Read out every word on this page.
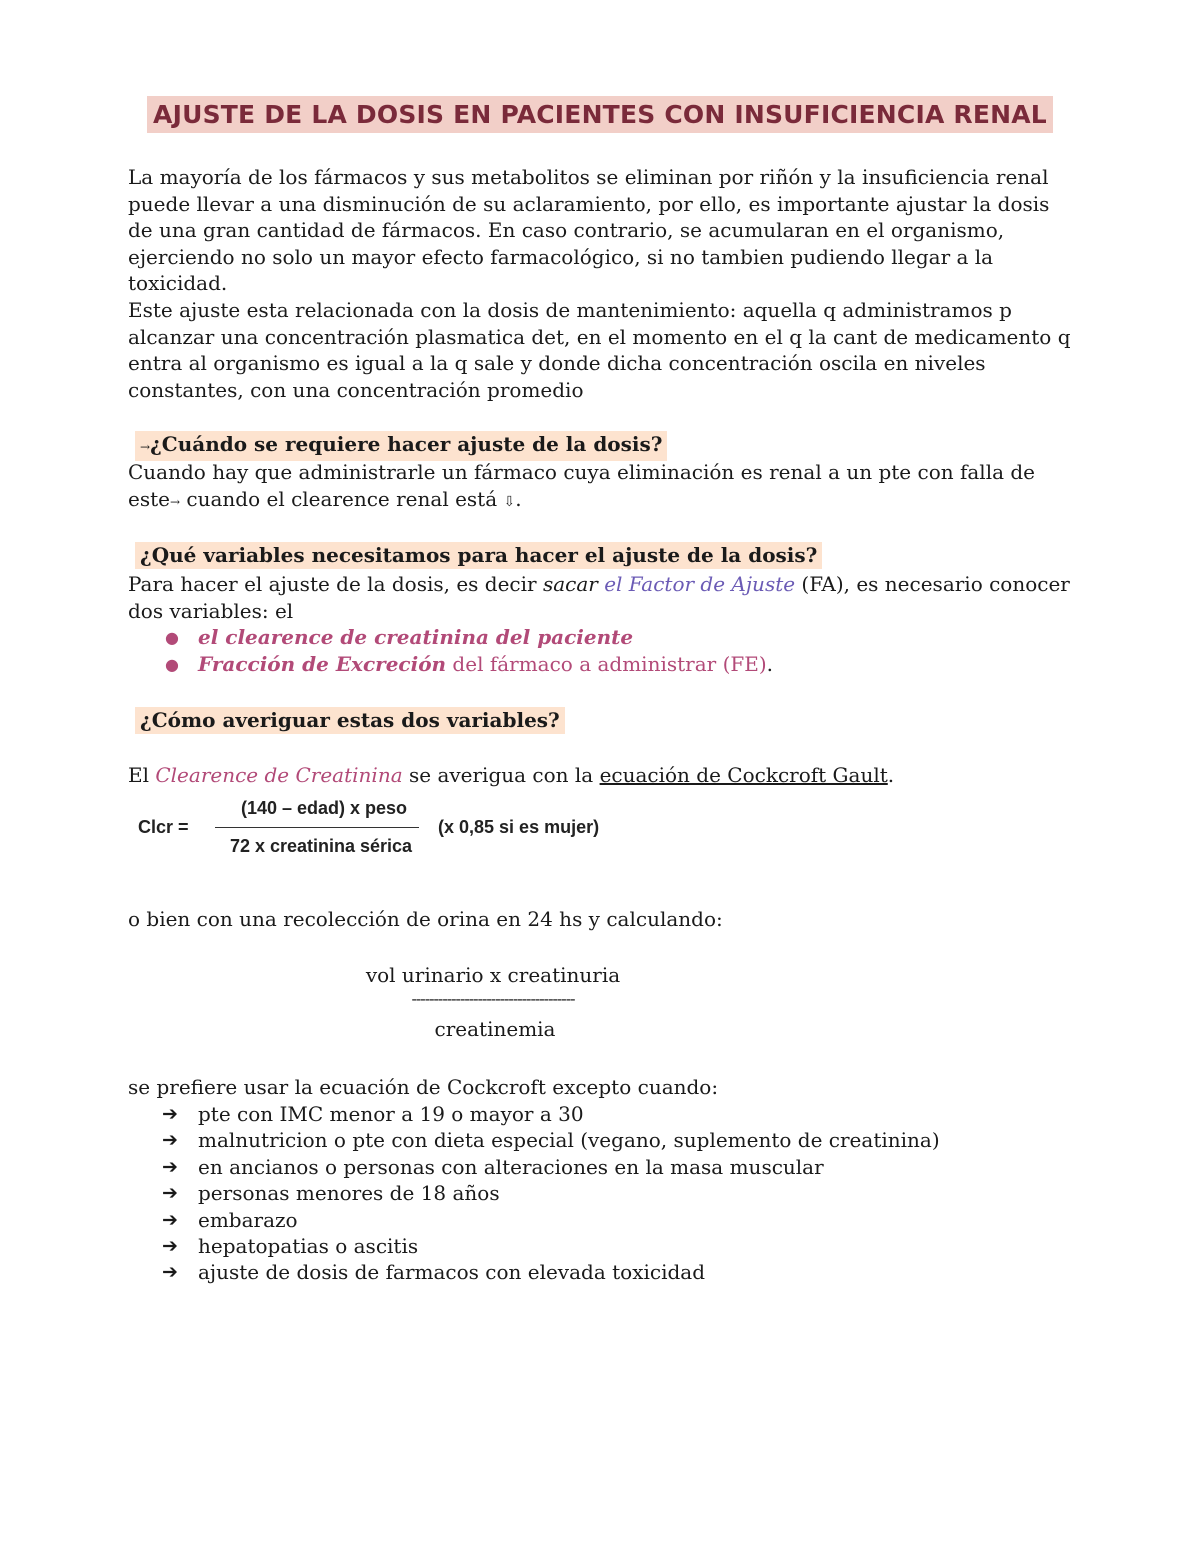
AJUSTE DE LA DOSIS EN PACIENTES CON INSUFICIENCIA RENAL
La mayoría de los fármacos y sus metabolitos se eliminan por riñón y la insuficiencia renal puede llevar a una disminución de su aclaramiento, por ello, es importante ajustar la dosis de una gran cantidad de fármacos. En caso contrario, se acumularan en el organismo, ejerciendo no solo un mayor efecto farmacológico, si no tambien pudiendo llegar a la toxicidad.
Este ajuste esta relacionada con la dosis de mantenimiento: aquella q administramos p alcanzar una concentración plasmatica det, en el momento en el q la cant de medicamento q entra al organismo es igual a la q sale y donde dicha concentración oscila en niveles constantes, con una concentración promedio
→¿Cuándo se requiere hacer ajuste de la dosis?
Cuando hay que administrarle un fármaco cuya eliminación es renal a un pte con falla de este→ cuando el clearence renal está ⇩.
¿Qué variables necesitamos para hacer el ajuste de la dosis?
Para hacer el ajuste de la dosis, es decir sacar el Factor de Ajuste (FA), es necesario conocer dos variables: el
● el clearence de creatinina del paciente
● Fracción de Excreción del fármaco a administrar (FE).
¿Cómo averiguar estas dos variables?
El Clearence de Creatinina se averigua con la ecuación de Cockcroft Gault.
Clcr =
(140 – edad) x peso
72 x creatinina sérica
(x 0,85 si es mujer)
o bien con una recolección de orina en 24 hs y calculando:
vol urinario x creatinuria
-------------------------------------
creatinemia
se prefiere usar la ecuación de Cockcroft excepto cuando:
➔ pte con IMC menor a 19 o mayor a 30
➔ malnutricion o pte con dieta especial (vegano, suplemento de creatinina)
➔ en ancianos o personas con alteraciones en la masa muscular
➔ personas menores de 18 años
➔ embarazo
➔ hepatopatias o ascitis
➔ ajuste de dosis de farmacos con elevada toxicidad
